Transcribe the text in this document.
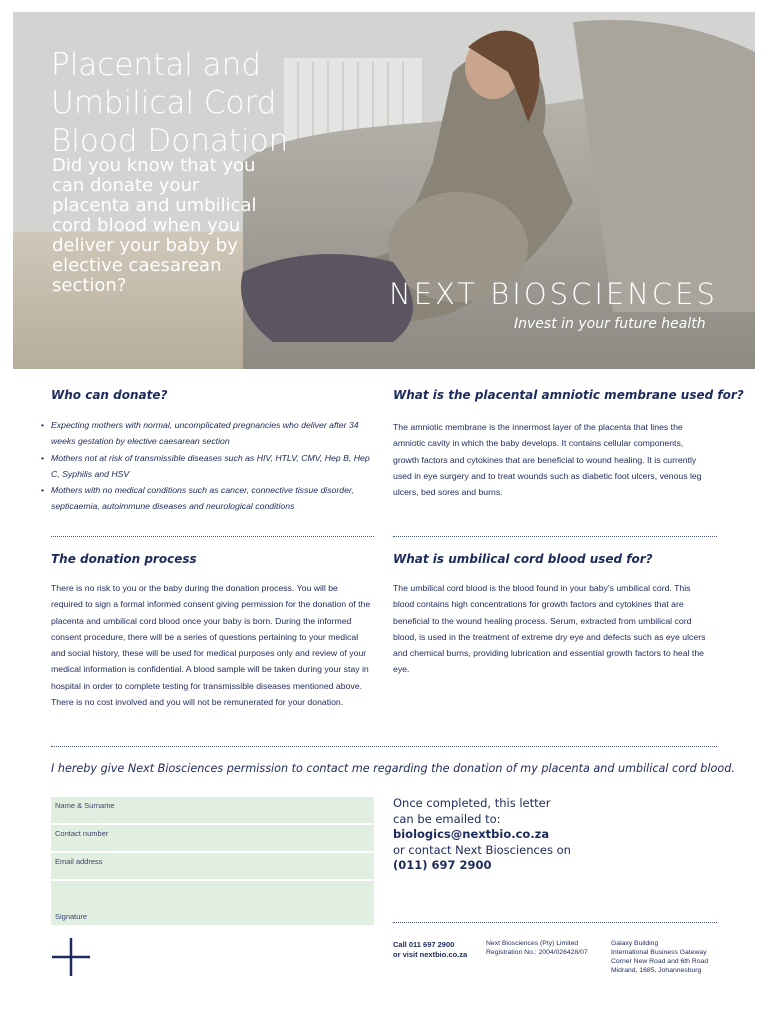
Placental and Umbilical Cord Blood Donation

Did you know that you can donate your placenta and umbilical cord blood when you deliver your baby by elective caesarean section?	NEXT BIOSCIENCES
Invest in your future health
Who can donate?
• Expecting mothers with normal, uncomplicated pregnancies who deliver after 34 weeks gestation by elective caesarean section
• Mothers not at risk of transmissible diseases such as HIV, HTLV, CMV, Hep B, Hep C, Syphilis and HSV
• Mothers with no medical conditions such as cancer, connective tissue disorder, septicaemia, autoimmune diseases and neurological conditions
What is the placental amniotic membrane used for?

The amniotic membrane is the innermost layer of the placenta that lines the amniotic cavity in which the baby develops. It contains cellular components, growth factors and cytokines that are beneficial to wound healing. It is currently used in eye surgery and to treat wounds such as diabetic foot ulcers, venous leg ulcers, bed sores and burns.

The donation process

There is no risk to you or the baby during the donation process. You will be required to sign a formal informed consent giving permission for the donation of the placenta and umbilical cord blood once your baby is born. During the informed consent procedure, there will be a series of questions pertaining to your medical and social history, these will be used for medical purposes only and review of your medical information is confidential. A blood sample will be taken during your stay in hospital in order to complete testing for transmissible diseases mentioned above. There is no cost involved and you will not be remunerated for your donation.

What is umbilical cord blood used for?

The umbilical cord blood is the blood found in your baby's umbilical cord. This blood contains high concentrations for growth factors and cytokines that are beneficial to the wound healing process. Serum, extracted from umbilical cord blood, is used in the treatment of extreme dry eye and defects such as eye ulcers and chemical burns, providing lubrication and essential growth factors to heal the eye.

I hereby give Next Biosciences permission to contact me regarding the donation of my placenta and umbilical cord blood.

Name & Surname
Contact number
Email address
Signature
Once completed, this letter
can be emailed to:
biologics@nextbio.co.za
or contact Next Biosciences on
(011) 697 2900
Call 011 697 2900
or visit nextbio.co.za
Next Biosciences (Pty) Limited
Registration No.: 2004/026428/07
Galaxy Building
International Business Gateway
Corner New Road and 6th Road
Midrand, 1685, Johannesburg
